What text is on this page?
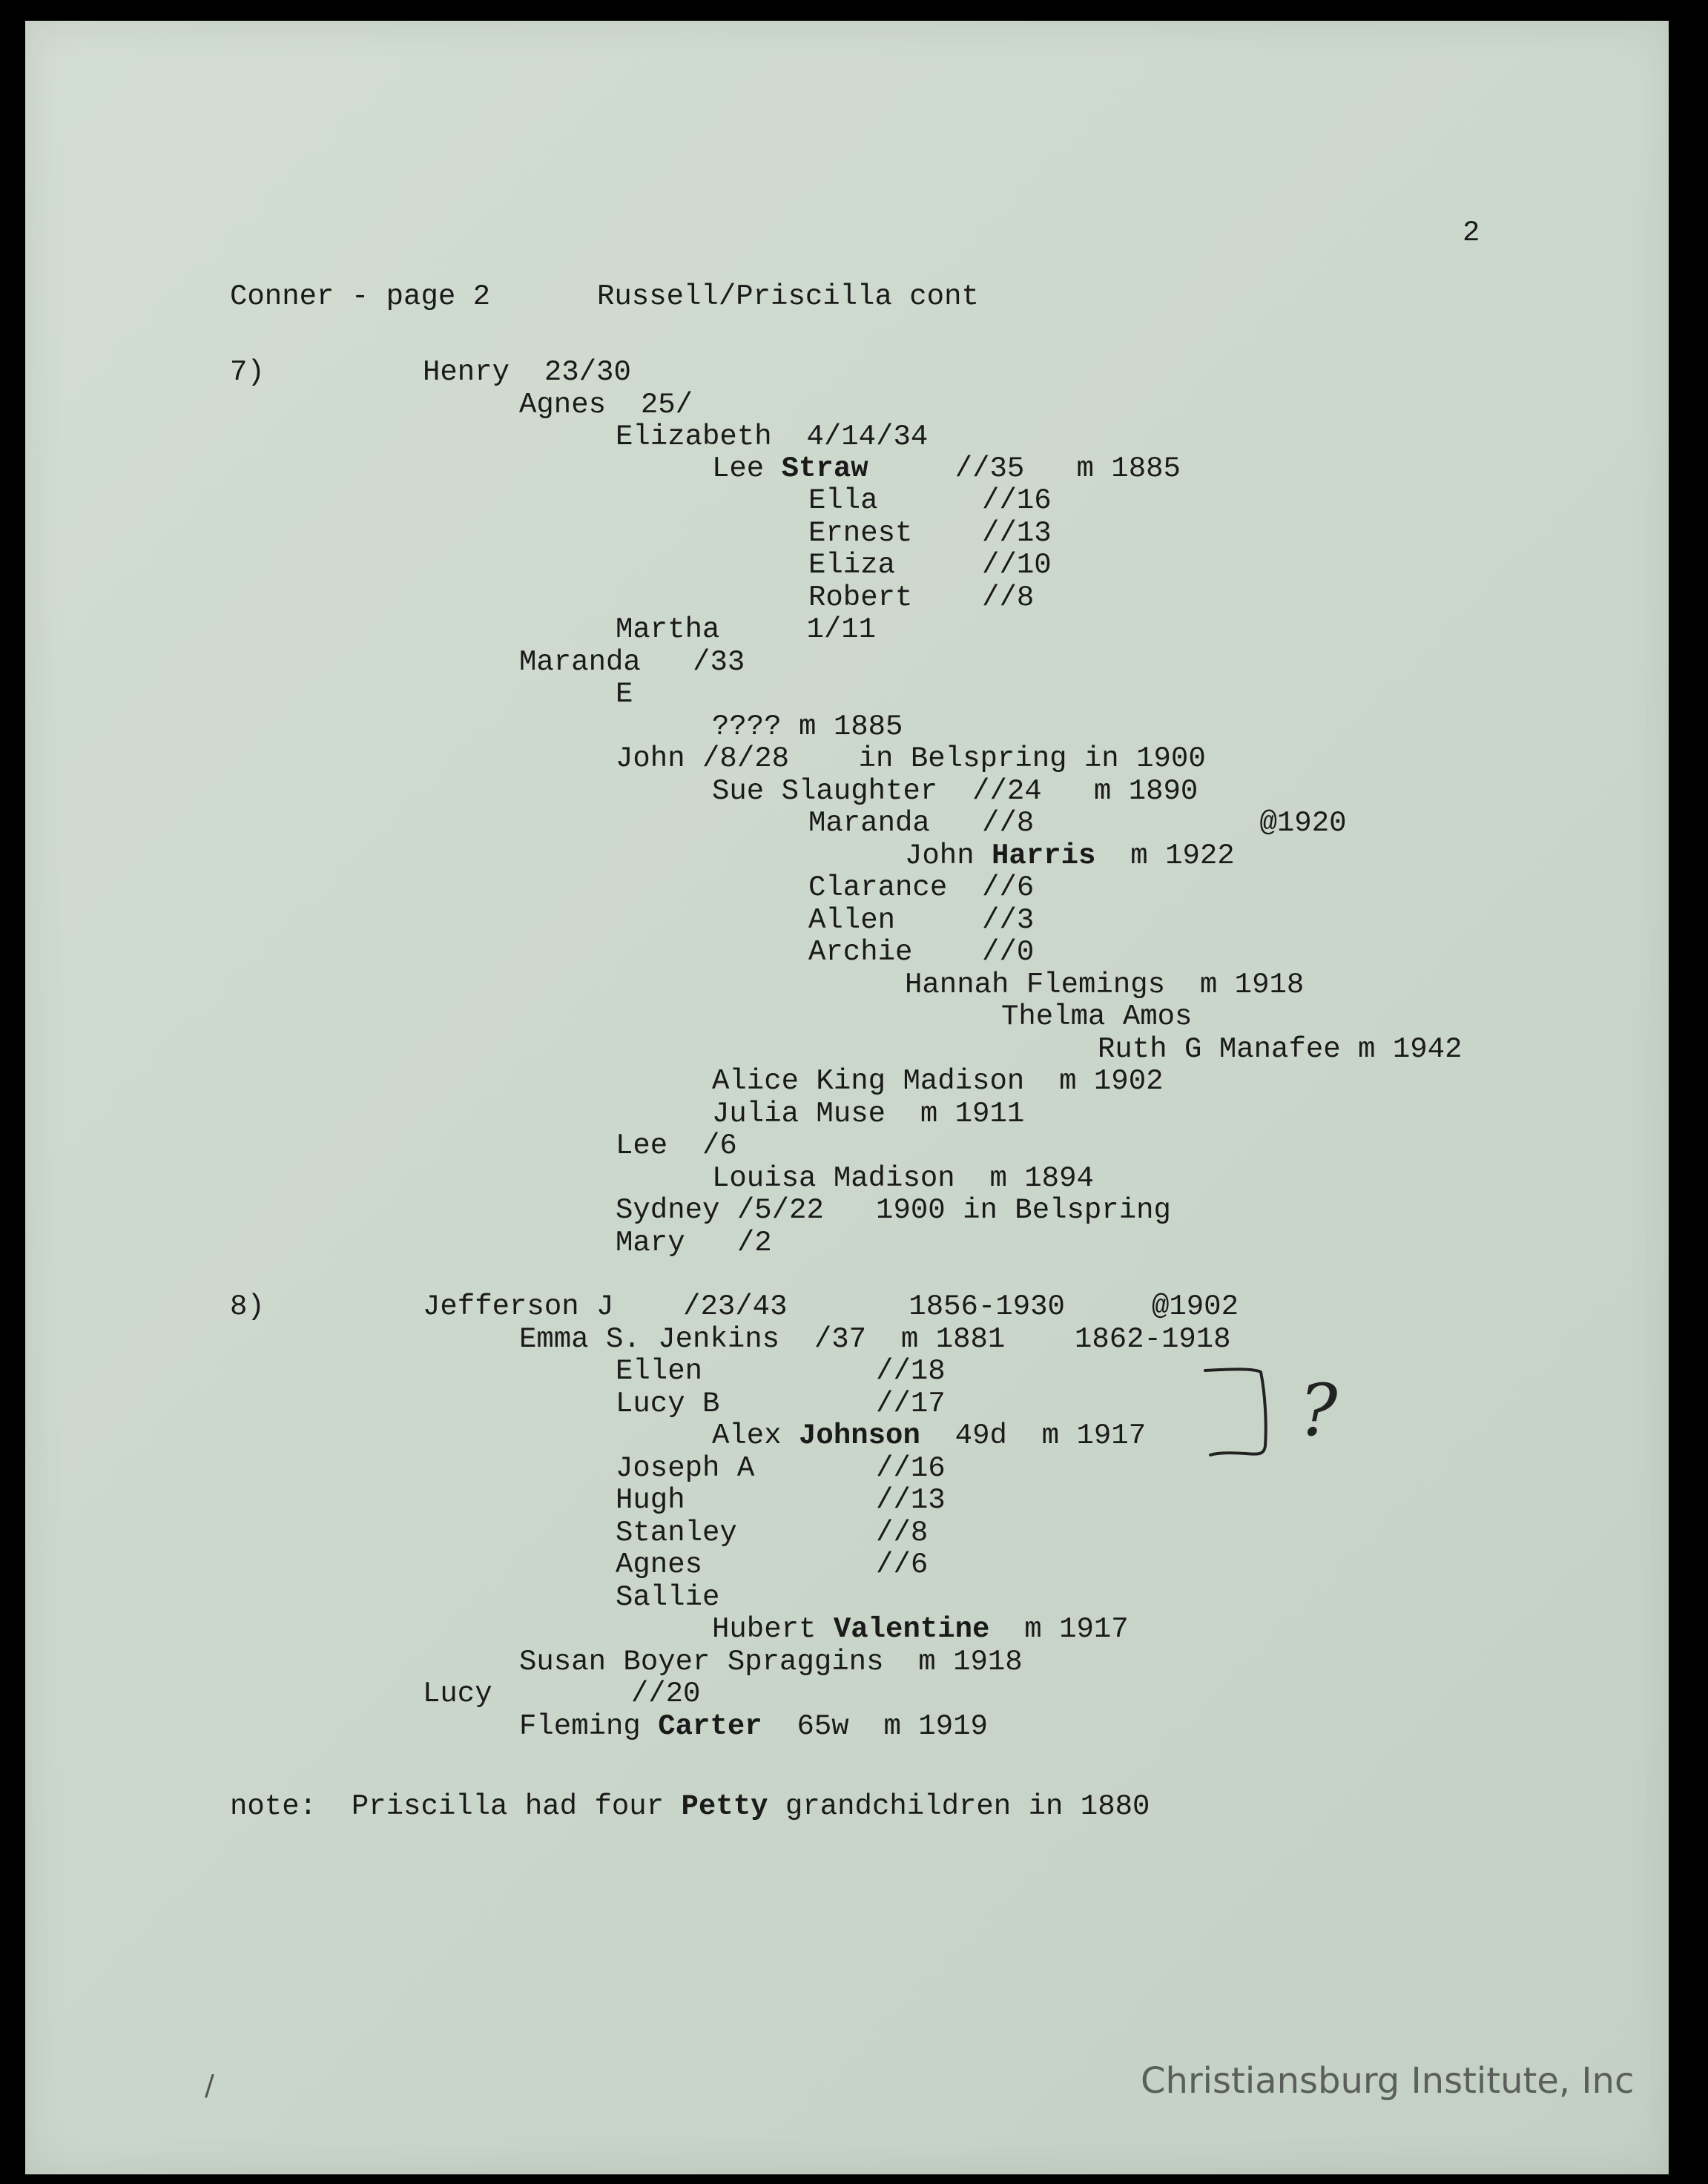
2
Conner - page 2	Russell/Priscilla cont
7)	Henry  23/30
Agnes  25/
Elizabeth  4/14/34
Lee Straw     //35   m 1885
Ella      //16
Ernest    //13
Eliza     //10
Robert    //8
Martha     1/11
Maranda   /33
E
???? m 1885
John /8/28    in Belspring in 1900
Sue Slaughter  //24   m 1890
Maranda   //8             @1920
John Harris  m 1922
Clarance  //6
Allen     //3
Archie    //0
Hannah Flemings  m 1918
Thelma Amos
Ruth G Manafee m 1942
Alice King Madison  m 1902
Julia Muse  m 1911
Lee  /6
Louisa Madison  m 1894
Sydney /5/22   1900 in Belspring
Mary   /2
8)	Jefferson J    /23/43       1856-1930     @1902
Emma S. Jenkins  /37  m 1881    1862-1918
Ellen          //18
Lucy B         //17
Alex Johnson  49d  m 1917
Joseph A       //16
Hugh           //13
Stanley        //8
Agnes          //6
Sallie
Hubert Valentine  m 1917
Susan Boyer Spraggins  m 1918
Lucy        //20
Fleming Carter  65w  m 1919
note:  Priscilla had four Petty grandchildren in 1880
?
/	Christiansburg Institute, Inc
